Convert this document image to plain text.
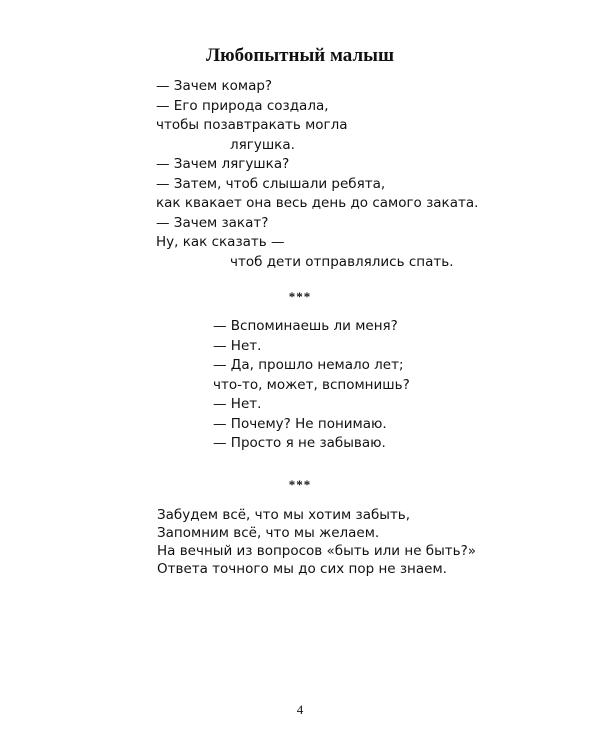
Любопытный малыш
— Зачем комар?
— Его природа создала,
чтобы позавтракать могла
лягушка.
— Зачем лягушка?
— Затем, чтоб слышали ребята,
как квакает она весь день до самого заката.
— Зачем закат?
Ну, как сказать —
чтоб дети отправлялись спать.
***
— Вспоминаешь ли меня?
— Нет.
— Да, прошло немало лет;
что-то, может, вспомнишь?
— Нет.
— Почему? Не понимаю.
— Просто я не забываю.
***
Забудем всё, что мы хотим забыть,
Запомним всё, что мы желаем.
На вечный из вопросов «быть или не быть?»
Ответа точного мы до сих пор не знаем.
4
